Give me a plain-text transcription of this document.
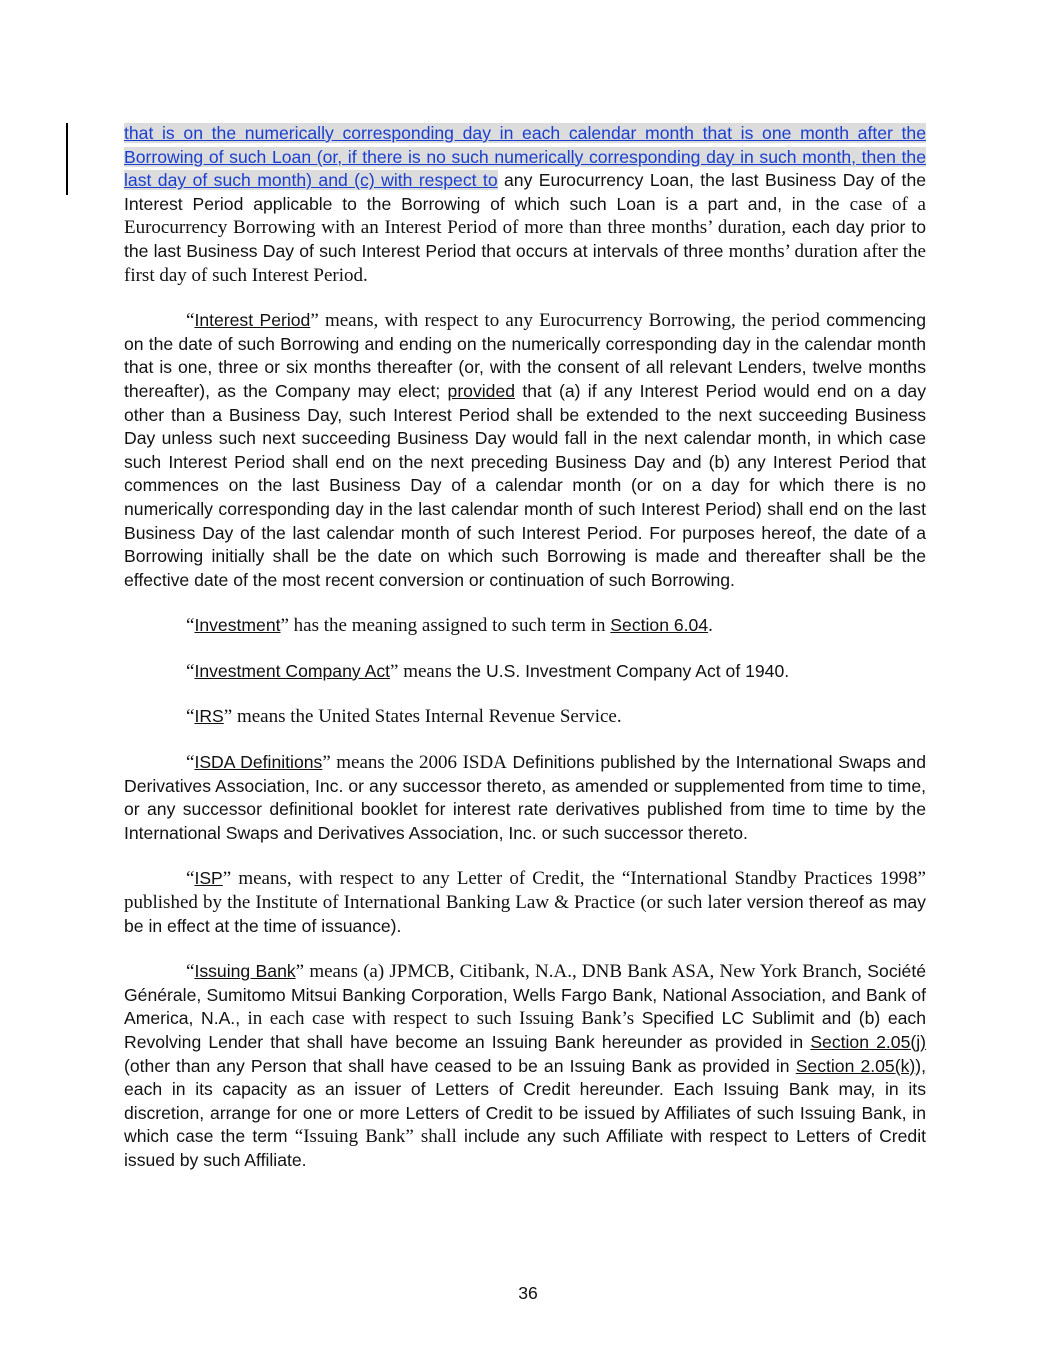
that is on the numerically corresponding day in each calendar month that is one month after the Borrowing of such Loan (or, if there is no such numerically corresponding day in such month, then the last day of such month) and (c) with respect to any Eurocurrency Loan, the last Business Day of the Interest Period applicable to the Borrowing of which such Loan is a part and, in the case of a Eurocurrency Borrowing with an Interest Period of more than three months’ duration, each day prior to the last Business Day of such Interest Period that occurs at intervals of three months’ duration after the first day of such Interest Period.

“Interest Period” means, with respect to any Eurocurrency Borrowing, the period commencing on the date of such Borrowing and ending on the numerically corresponding day in the calendar month that is one, three or six months thereafter (or, with the consent of all relevant Lenders, twelve months thereafter), as the Company may elect; provided that (a) if any Interest Period would end on a day other than a Business Day, such Interest Period shall be extended to the next succeeding Business Day unless such next succeeding Business Day would fall in the next calendar month, in which case such Interest Period shall end on the next preceding Business Day and (b) any Interest Period that commences on the last Business Day of a calendar month (or on a day for which there is no numerically corresponding day in the last calendar month of such Interest Period) shall end on the last Business Day of the last calendar month of such Interest Period. For purposes hereof, the date of a Borrowing initially shall be the date on which such Borrowing is made and thereafter shall be the effective date of the most recent conversion or continuation of such Borrowing.

“Investment” has the meaning assigned to such term in Section 6.04.

“Investment Company Act” means the U.S. Investment Company Act of 1940.

“IRS” means the United States Internal Revenue Service.

“ISDA Definitions” means the 2006 ISDA Definitions published by the International Swaps and Derivatives Association, Inc. or any successor thereto, as amended or supplemented from time to time, or any successor definitional booklet for interest rate derivatives published from time to time by the International Swaps and Derivatives Association, Inc. or such successor thereto.

“ISP” means, with respect to any Letter of Credit, the “International Standby Practices 1998” published by the Institute of International Banking Law & Practice (or such later version thereof as may be in effect at the time of issuance).

“Issuing Bank” means (a) JPMCB, Citibank, N.A., DNB Bank ASA, New York Branch, Société Générale, Sumitomo Mitsui Banking Corporation, Wells Fargo Bank, National Association, and Bank of America, N.A., in each case with respect to such Issuing Bank’s Specified LC Sublimit and (b) each Revolving Lender that shall have become an Issuing Bank hereunder as provided in Section 2.05(j) (other than any Person that shall have ceased to be an Issuing Bank as provided in Section 2.05(k)), each in its capacity as an issuer of Letters of Credit hereunder. Each Issuing Bank may, in its discretion, arrange for one or more Letters of Credit to be issued by Affiliates of such Issuing Bank, in which case the term “Issuing Bank” shall include any such Affiliate with respect to Letters of Credit issued by such Affiliate.

36
